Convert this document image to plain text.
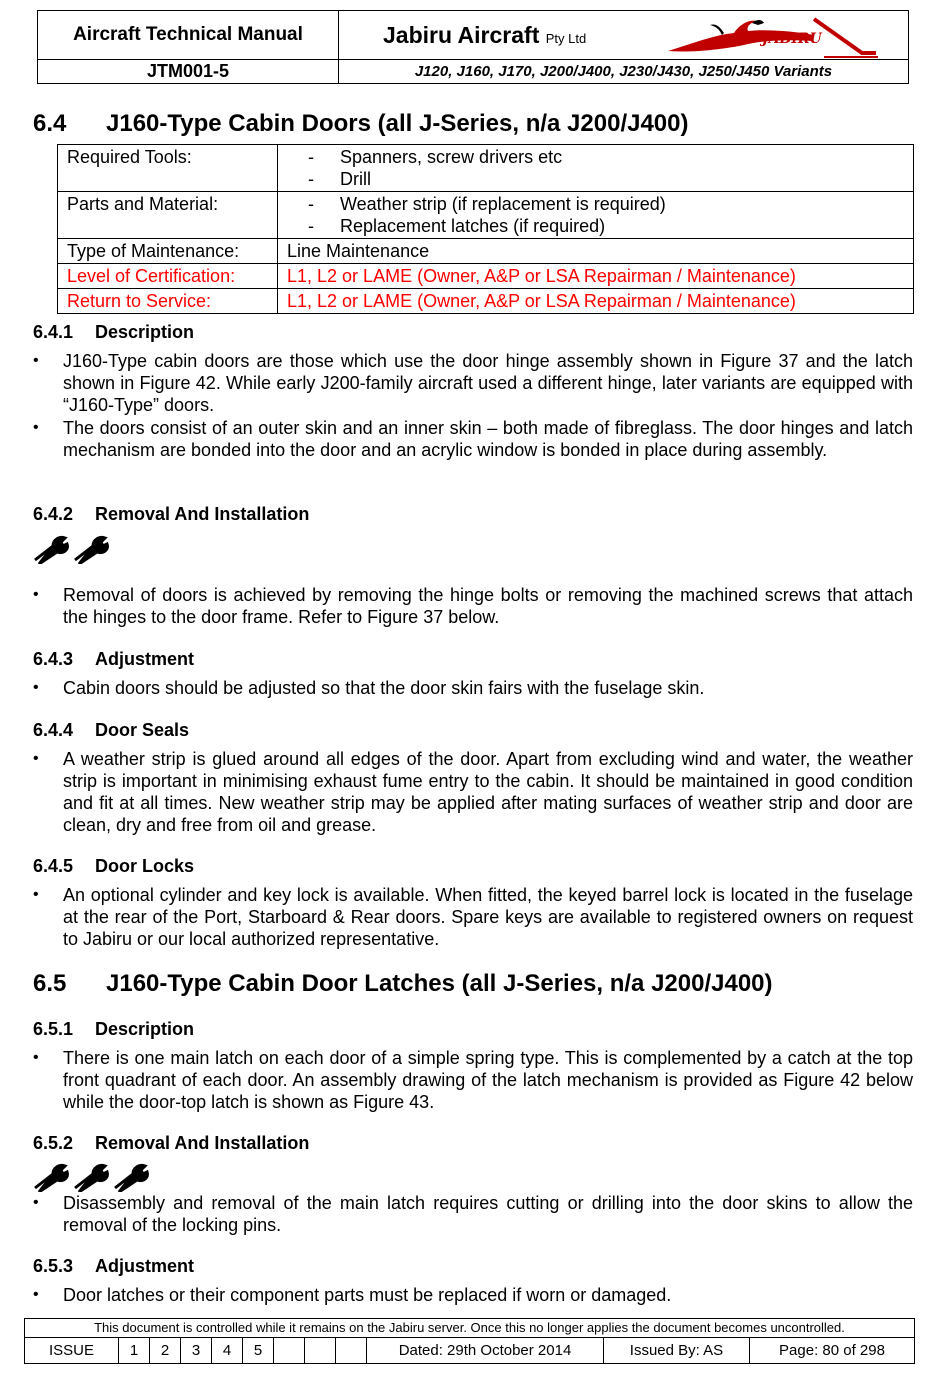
Aircraft Technical Manual	Jabiru Aircraft Pty Ltd JABIRU

JTM001-5	J120, J160, J170, J200/J400, J230/J430, J250/J450 Variants
6.4 J160-Type Cabin Doors (all J-Series, n/a J200/J400)
Required Tools:	- Spanners, screw drivers etc
- Drill

Parts and Material:	- Weather strip (if replacement is required)
- Replacement latches (if required)

Type of Maintenance:	Line Maintenance
Level of Certification:	L1, L2 or LAME (Owner, A&P or LSA Repairman / Maintenance)
Return to Service:	L1, L2 or LAME (Owner, A&P or LSA Repairman / Maintenance)
6.4.1 Description
• J160-Type cabin doors are those which use the door hinge assembly shown in Figure 37 and the latch shown in Figure 42. While early J200-family aircraft used a different hinge, later variants are equipped with “J160-Type” doors.
• The doors consist of an outer skin and an inner skin – both made of fibreglass. The door hinges and latch mechanism are bonded into the door and an acrylic window is bonded in place during assembly.
6.4.2 Removal And Installation
• Removal of doors is achieved by removing the hinge bolts or removing the machined screws that attach the hinges to the door frame. Refer to Figure 37 below.
6.4.3 Adjustment
• Cabin doors should be adjusted so that the door skin fairs with the fuselage skin.
6.4.4 Door Seals
• A weather strip is glued around all edges of the door. Apart from excluding wind and water, the weather strip is important in minimising exhaust fume entry to the cabin. It should be maintained in good condition and fit at all times. New weather strip may be applied after mating surfaces of weather strip and door are clean, dry and free from oil and grease.
6.4.5 Door Locks
• An optional cylinder and key lock is available. When fitted, the keyed barrel lock is located in the fuselage at the rear of the Port, Starboard & Rear doors. Spare keys are available to registered owners on request to Jabiru or our local authorized representative.
6.5 J160-Type Cabin Door Latches (all J-Series, n/a J200/J400)
6.5.1 Description
• There is one main latch on each door of a simple spring type. This is complemented by a catch at the top front quadrant of each door. An assembly drawing of the latch mechanism is provided as Figure 42 below while the door-top latch is shown as Figure 43.
6.5.2 Removal And Installation
• Disassembly and removal of the main latch requires cutting or drilling into the door skins to allow the removal of the locking pins.
6.5.3 Adjustment
• Door latches or their component parts must be replaced if worn or damaged.
This document is controlled while it remains on the Jabiru server. Once this no longer applies the document becomes uncontrolled.
ISSUE	1	2	3	4	5				Dated: 29th October 2014	Issued By: AS	Page: 80 of 298
